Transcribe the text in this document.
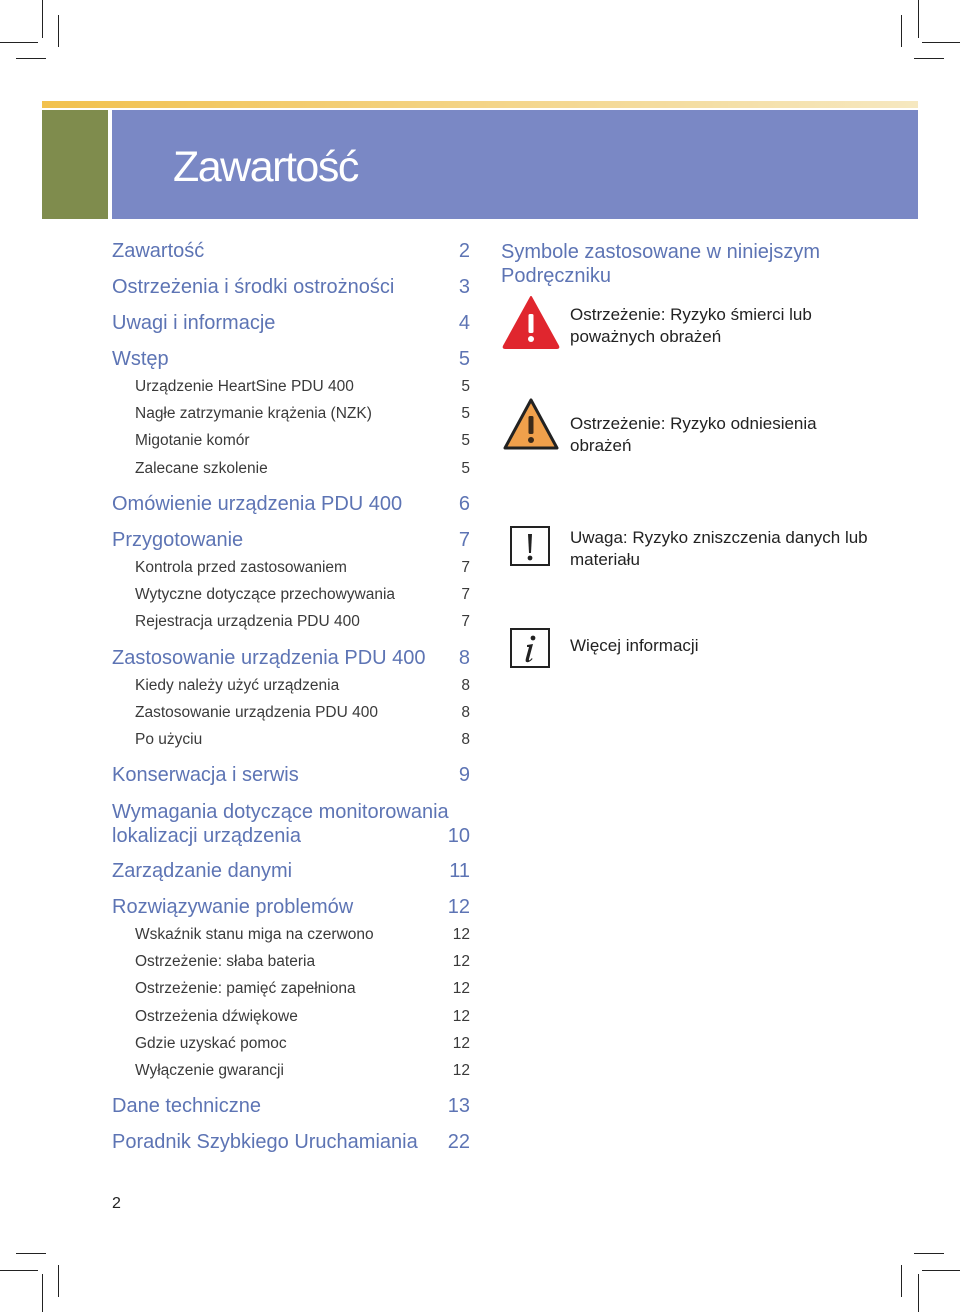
Zawartość
Zawartość	2
Ostrzeżenia i środki ostrożności	3
Uwagi i informacje	4
Wstęp	5
Urządzenie HeartSine PDU 400	5
Nagłe zatrzymanie krążenia (NZK)	5
Migotanie komór	5
Zalecane szkolenie	5
Omówienie urządzenia PDU 400	6
Przygotowanie	7
Kontrola przed zastosowaniem	7
Wytyczne dotyczące przechowywania	7
Rejestracja urządzenia PDU 400	7
Zastosowanie urządzenia PDU 400 8
Kiedy należy użyć urządzenia	8
Zastosowanie urządzenia PDU 400	8
Po użyciu	8
Konserwacja i serwis	9
Wymagania dotyczące monitorowania
lokalizacji urządzenia	10
Zarządzanie danymi	11
Rozwiązywanie problemów	12
Wskaźnik stanu miga na czerwono	12
Ostrzeżenie: słaba bateria	12
Ostrzeżenie: pamięć zapełniona	12
Ostrzeżenia dźwiękowe	12
Gdzie uzyskać pomoc	12
Wyłączenie gwarancji	12
Dane techniczne	13
Poradnik Szybkiego Uruchamiania 22
Symbole zastosowane w niniejszym Podręczniku
Ostrzeżenie: Ryzyko śmierci lub poważnych obrażeń
Ostrzeżenie: Ryzyko odniesienia obrażeń
Uwaga: Ryzyko zniszczenia danych lub materiału
Więcej informacji
2
